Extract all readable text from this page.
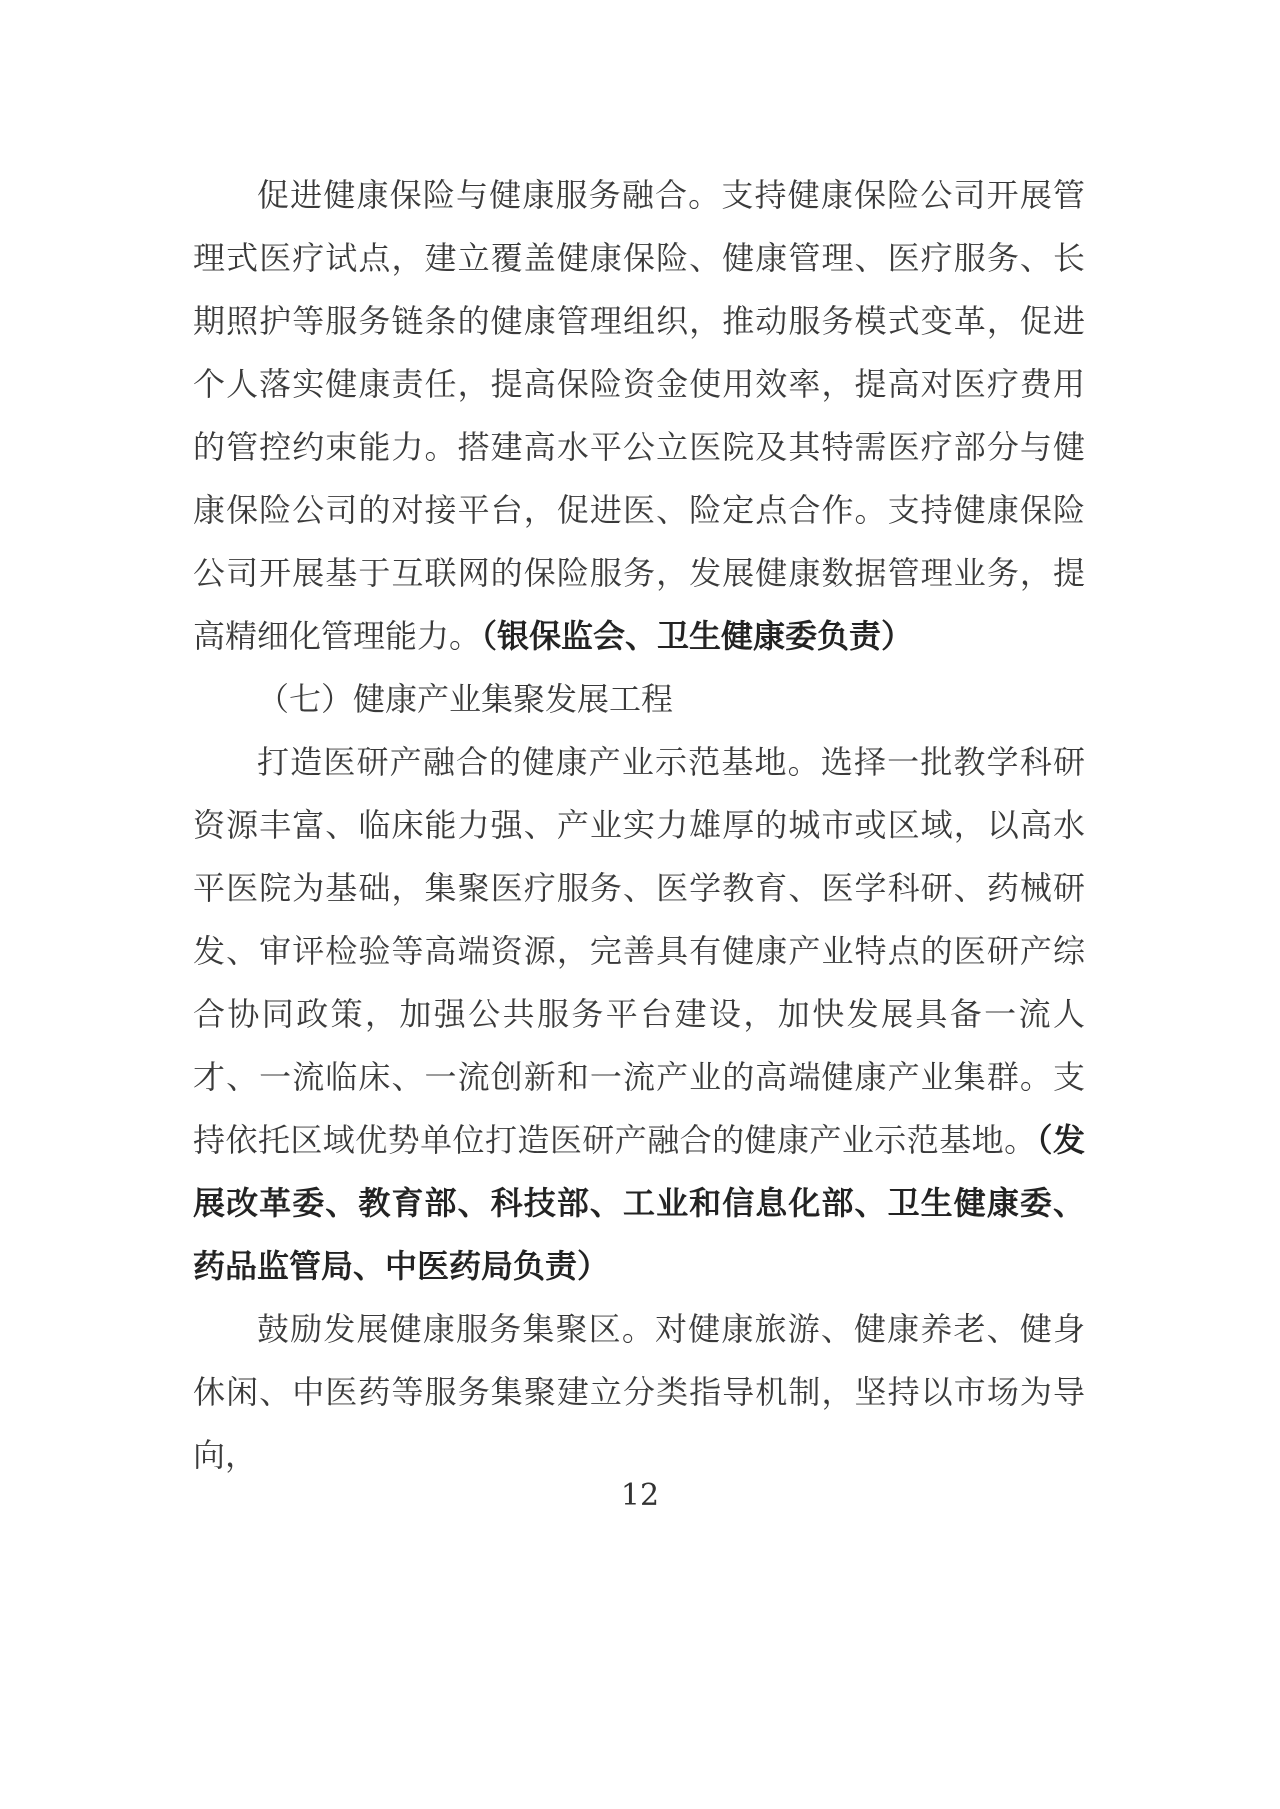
促进健康保险与健康服务融合。支持健康保险公司开展管理式医疗试点，建立覆盖健康保险、健康管理、医疗服务、长期照护等服务链条的健康管理组织，推动服务模式变革，促进个人落实健康责任，提高保险资金使用效率，提高对医疗费用的管控约束能力。搭建高水平公立医院及其特需医疗部分与健康保险公司的对接平台，促进医、险定点合作。支持健康保险公司开展基于互联网的保险服务，发展健康数据管理业务，提高精细化管理能力。（银保监会、卫生健康委负责）

（七）健康产业集聚发展工程

打造医研产融合的健康产业示范基地。选择一批教学科研资源丰富、临床能力强、产业实力雄厚的城市或区域，以高水平医院为基础，集聚医疗服务、医学教育、医学科研、药械研发、审评检验等高端资源，完善具有健康产业特点的医研产综合协同政策，加强公共服务平台建设，加快发展具备一流人才、一流临床、一流创新和一流产业的高端健康产业集群。支持依托区域优势单位打造医研产融合的健康产业示范基地。（发展改革委、教育部、科技部、工业和信息化部、卫生健康委、药品监管局、中医药局负责）

鼓励发展健康服务集聚区。对健康旅游、健康养老、健身休闲、中医药等服务集聚建立分类指导机制，坚持以市场为导向，

12
